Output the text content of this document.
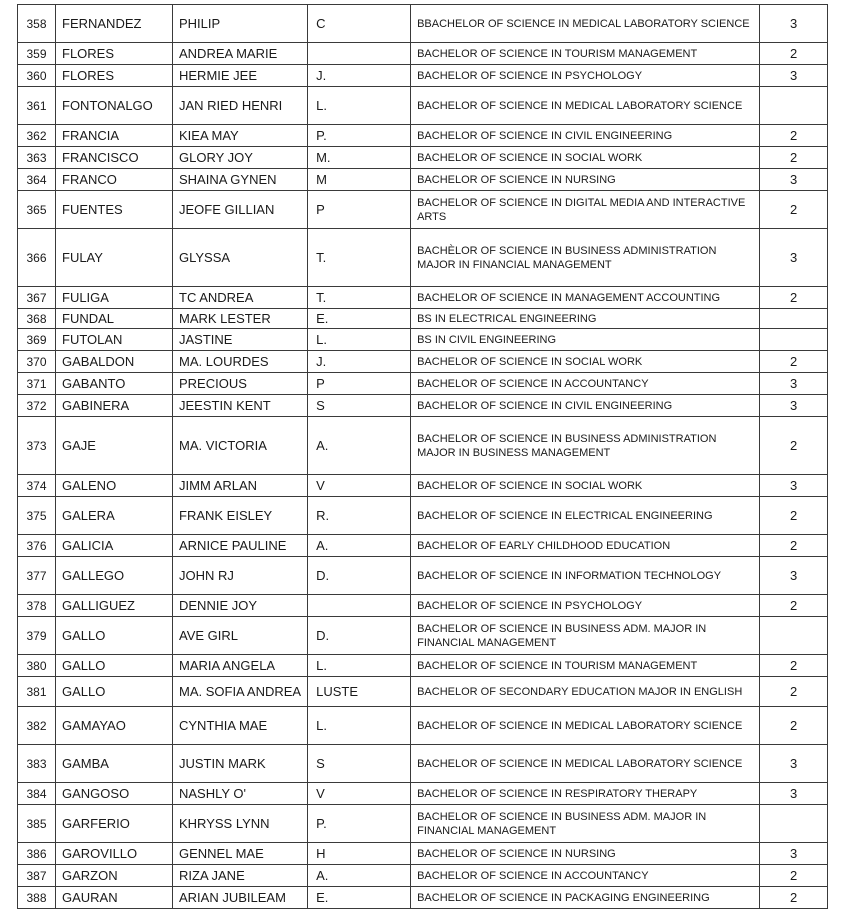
358	FERNANDEZ	PHILIP	C	BBACHELOR OF SCIENCE IN MEDICAL LABORATORY SCIENCE	3
359	FLORES	ANDREA MARIE		BACHELOR OF SCIENCE IN TOURISM MANAGEMENT	2
360	FLORES	HERMIE JEE	J.	BACHELOR OF SCIENCE IN PSYCHOLOGY	3
361	FONTONALGO	JAN RIED HENRI	L.	BACHELOR OF SCIENCE IN MEDICAL LABORATORY SCIENCE	
362	FRANCIA	KIEA MAY	P.	BACHELOR OF SCIENCE IN CIVIL ENGINEERING	2
363	FRANCISCO	GLORY JOY	M.	BACHELOR OF SCIENCE IN SOCIAL WORK	2
364	FRANCO	SHAINA GYNEN	M	BACHELOR OF SCIENCE IN NURSING	3
365	FUENTES	JEOFE GILLIAN	P	BACHELOR OF SCIENCE IN DIGITAL MEDIA AND INTERACTIVE ARTS	2
366	FULAY	GLYSSA	T.	BACHÈLOR OF SCIENCE IN BUSINESS ADMINISTRATION MAJOR IN FINANCIAL MANAGEMENT	3
367	FULIGA	TC ANDREA	T.	BACHELOR OF SCIENCE IN MANAGEMENT ACCOUNTING	2
368	FUNDAL	MARK LESTER	E.	BS IN ELECTRICAL ENGINEERING	
369	FUTOLAN	JASTINE	L.	BS IN CIVIL ENGINEERING	
370	GABALDON	MA. LOURDES	J.	BACHELOR OF SCIENCE IN SOCIAL WORK	2
371	GABANTO	PRECIOUS	P	BACHELOR OF SCIENCE IN ACCOUNTANCY	3
372	GABINERA	JEESTIN KENT	S	BACHELOR OF SCIENCE IN CIVIL ENGINEERING	3
373	GAJE	MA. VICTORIA	A.	BACHELOR OF SCIENCE IN BUSINESS ADMINISTRATION MAJOR IN BUSINESS MANAGEMENT	2
374	GALENO	JIMM ARLAN	V	BACHELOR OF SCIENCE IN SOCIAL WORK	3
375	GALERA	FRANK EISLEY	R.	BACHELOR OF SCIENCE IN ELECTRICAL ENGINEERING	2
376	GALICIA	ARNICE PAULINE	A.	BACHELOR OF EARLY CHILDHOOD EDUCATION	2
377	GALLEGO	JOHN RJ	D.	BACHELOR OF SCIENCE IN INFORMATION TECHNOLOGY	3
378	GALLIGUEZ	DENNIE JOY		BACHELOR OF SCIENCE IN PSYCHOLOGY	2
379	GALLO	AVE GIRL	D.	BACHELOR OF SCIENCE IN BUSINESS ADM. MAJOR IN FINANCIAL MANAGEMENT	
380	GALLO	MARIA ANGELA	L.	BACHELOR OF SCIENCE IN TOURISM MANAGEMENT	2
381	GALLO	MA. SOFIA ANDREA	LUSTE	BACHELOR OF SECONDARY EDUCATION MAJOR IN ENGLISH	2
382	GAMAYAO	CYNTHIA MAE	L.	BACHELOR OF SCIENCE IN MEDICAL LABORATORY SCIENCE	2
383	GAMBA	JUSTIN MARK	S	BACHELOR OF SCIENCE IN MEDICAL LABORATORY SCIENCE	3
384	GANGOSO	NASHLY O'	V	BACHELOR OF SCIENCE IN RESPIRATORY THERAPY	3
385	GARFERIO	KHRYSS LYNN	P.	BACHELOR OF SCIENCE IN BUSINESS ADM. MAJOR IN FINANCIAL MANAGEMENT	
386	GAROVILLO	GENNEL MAE	H	BACHELOR OF SCIENCE IN NURSING	3
387	GARZON	RIZA JANE	A.	BACHELOR OF SCIENCE IN ACCOUNTANCY	2
388	GAURAN	ARIAN JUBILEAM	E.	BACHELOR OF SCIENCE IN PACKAGING ENGINEERING	2
